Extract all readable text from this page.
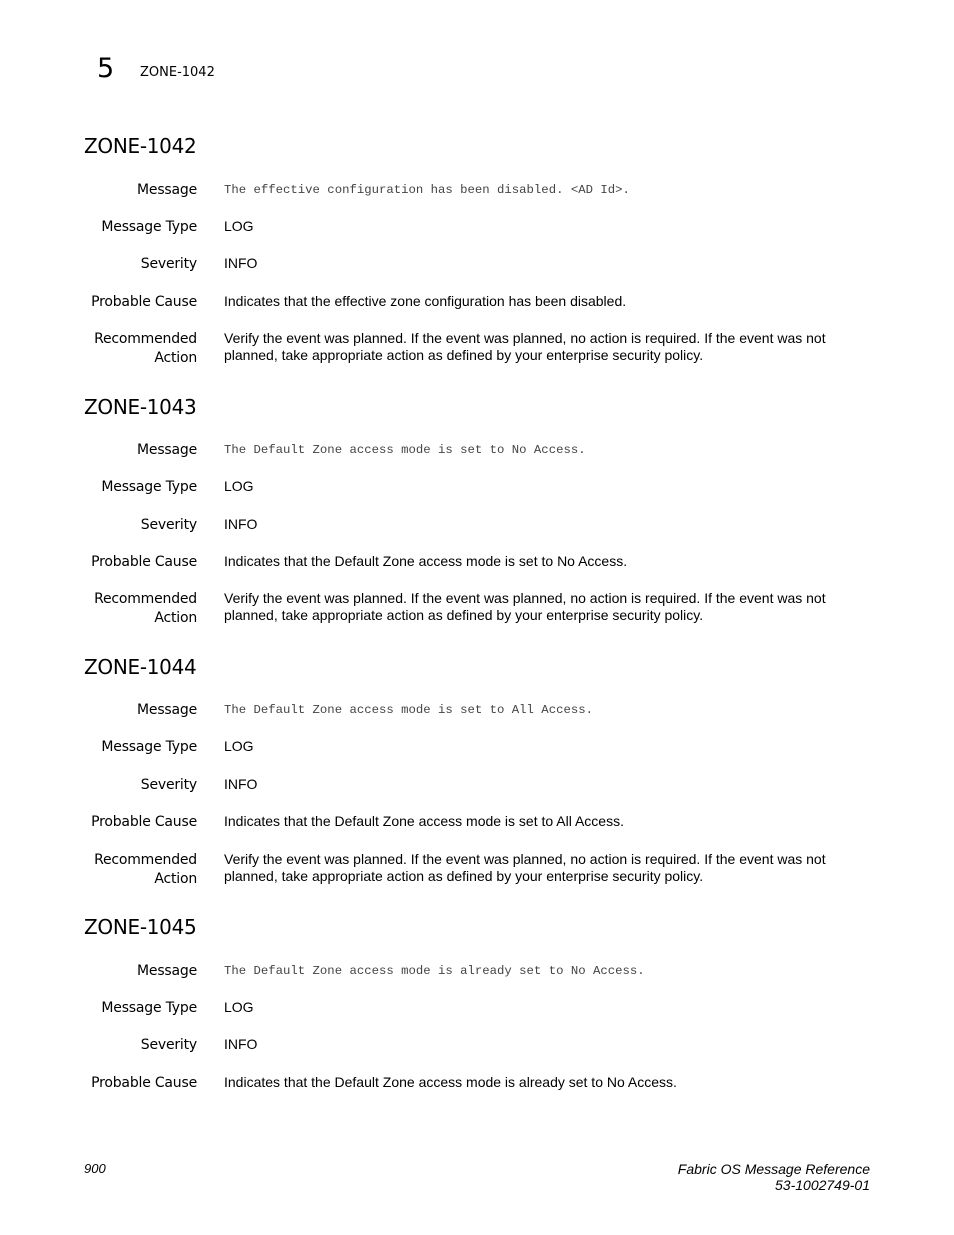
5 ZONE-1042
ZONE-1042
Message The effective configuration has been disabled. <AD Id>.
Message Type LOG
Severity INFO
Probable Cause Indicates that the effective zone configuration has been disabled.
Recommended
Action
Verify the event was planned. If the event was planned, no action is required. If the event was not
planned, take appropriate action as defined by your enterprise security policy.
ZONE-1043
Message The Default Zone access mode is set to No Access.
Message Type LOG
Severity INFO
Probable Cause Indicates that the Default Zone access mode is set to No Access.
Recommended
Action
Verify the event was planned. If the event was planned, no action is required. If the event was not
planned, take appropriate action as defined by your enterprise security policy.
ZONE-1044
Message The Default Zone access mode is set to All Access.
Message Type LOG
Severity INFO
Probable Cause Indicates that the Default Zone access mode is set to All Access.
Recommended
Action
Verify the event was planned. If the event was planned, no action is required. If the event was not
planned, take appropriate action as defined by your enterprise security policy.
ZONE-1045
Message The Default Zone access mode is already set to No Access.
Message Type LOG
Severity INFO
Probable Cause Indicates that the Default Zone access mode is already set to No Access.
900	Fabric OS Message Reference
53-1002749-01
